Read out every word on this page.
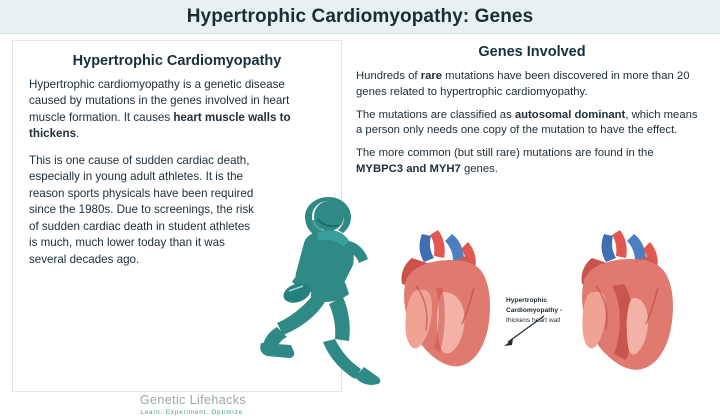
Hypertrophic Cardiomyopathy: Genes
Hypertrophic Cardiomyopathy

Hypertrophic cardiomyopathy is a genetic disease caused by mutations in the genes involved in heart muscle formation. It causes heart muscle walls to thickens.

This is one cause of sudden cardiac death, especially in young adult athletes. It is the reason sports physicals have been required since the 1980s. Due to screenings, the risk of sudden cardiac death in student athletes is much, much lower today than it was several decades ago.

Genetic Lifehacks
Learn. Experiment. Optimize.
Genes Involved

Hundreds of rare mutations have been discovered in more than 20 genes related to hypertrophic cardiomyopathy.

The mutations are classified as autosomal dominant, which means a person only needs one copy of the mutation to have the effect.

The more common (but still rare) mutations are found in the MYBPC3 and MYH7 genes.

Hypertrophic
Cardiomyopathy -
thickens heart wall
